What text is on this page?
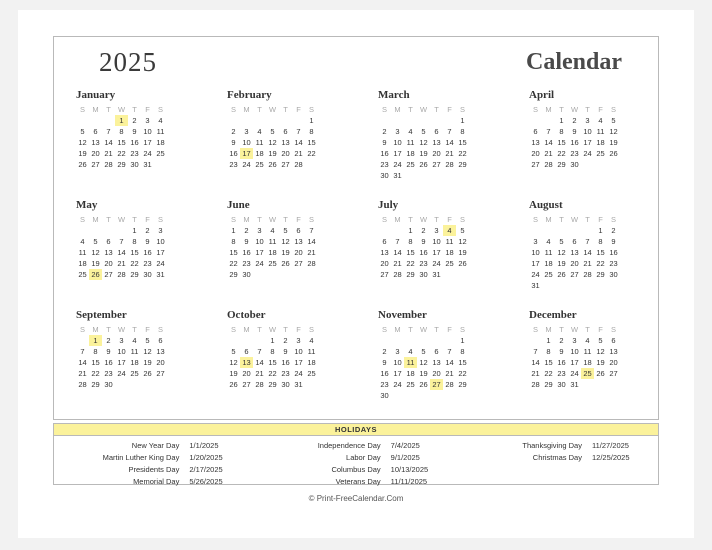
2025	Calendar
January
S	M	T	W	T	F	S
			1	2	3	4
5	6	7	8	9	10	11
12	13	14	15	16	17	18
19	20	21	22	23	24	25
26	27	28	29	30	31	
February
S	M	T	W	T	F	S
						1
2	3	4	5	6	7	8
9	10	11	12	13	14	15
16	17	18	19	20	21	22
23	24	25	26	27	28	
March
S	M	T	W	T	F	S
						1
2	3	4	5	6	7	8
9	10	11	12	13	14	15
16	17	18	19	20	21	22
23	24	25	26	27	28	29
30	31					
April
S	M	T	W	T	F	S
		1	2	3	4	5
6	7	8	9	10	11	12
13	14	15	16	17	18	19
20	21	22	23	24	25	26
27	28	29	30			
May
S	M	T	W	T	F	S
				1	2	3
4	5	6	7	8	9	10
11	12	13	14	15	16	17
18	19	20	21	22	23	24
25	26	27	28	29	30	31
June
S	M	T	W	T	F	S
1	2	3	4	5	6	7
8	9	10	11	12	13	14
15	16	17	18	19	20	21
22	23	24	25	26	27	28
29	30					
July
S	M	T	W	T	F	S
		1	2	3	4	5
6	7	8	9	10	11	12
13	14	15	16	17	18	19
20	21	22	23	24	25	26
27	28	29	30	31		
August
S	M	T	W	T	F	S
					1	2
3	4	5	6	7	8	9
10	11	12	13	14	15	16
17	18	19	20	21	22	23
24	25	26	27	28	29	30
31						
September
S	M	T	W	T	F	S
	1	2	3	4	5	6
7	8	9	10	11	12	13
14	15	16	17	18	19	20
21	22	23	24	25	26	27
28	29	30				
October
S	M	T	W	T	F	S
			1	2	3	4
5	6	7	8	9	10	11
12	13	14	15	16	17	18
19	20	21	22	23	24	25
26	27	28	29	30	31	
November
S	M	T	W	T	F	S
						1
2	3	4	5	6	7	8
9	10	11	12	13	14	15
16	17	18	19	20	21	22
23	24	25	26	27	28	29
30						
December
S	M	T	W	T	F	S
	1	2	3	4	5	6
7	8	9	10	11	12	13
14	15	16	17	18	19	20
21	22	23	24	25	26	27
28	29	30	31			
HOLIDAYS
New Year Day	1/1/2025
Martin Luther King Day	1/20/2025
Presidents Day	2/17/2025
Memorial Day	5/26/2025
Independence Day	7/4/2025
Labor Day	9/1/2025
Columbus Day	10/13/2025
Veterans Day	11/11/2025
Thanksgiving Day	11/27/2025
Christmas Day	12/25/2025
© Print-FreeCalendar.Com
